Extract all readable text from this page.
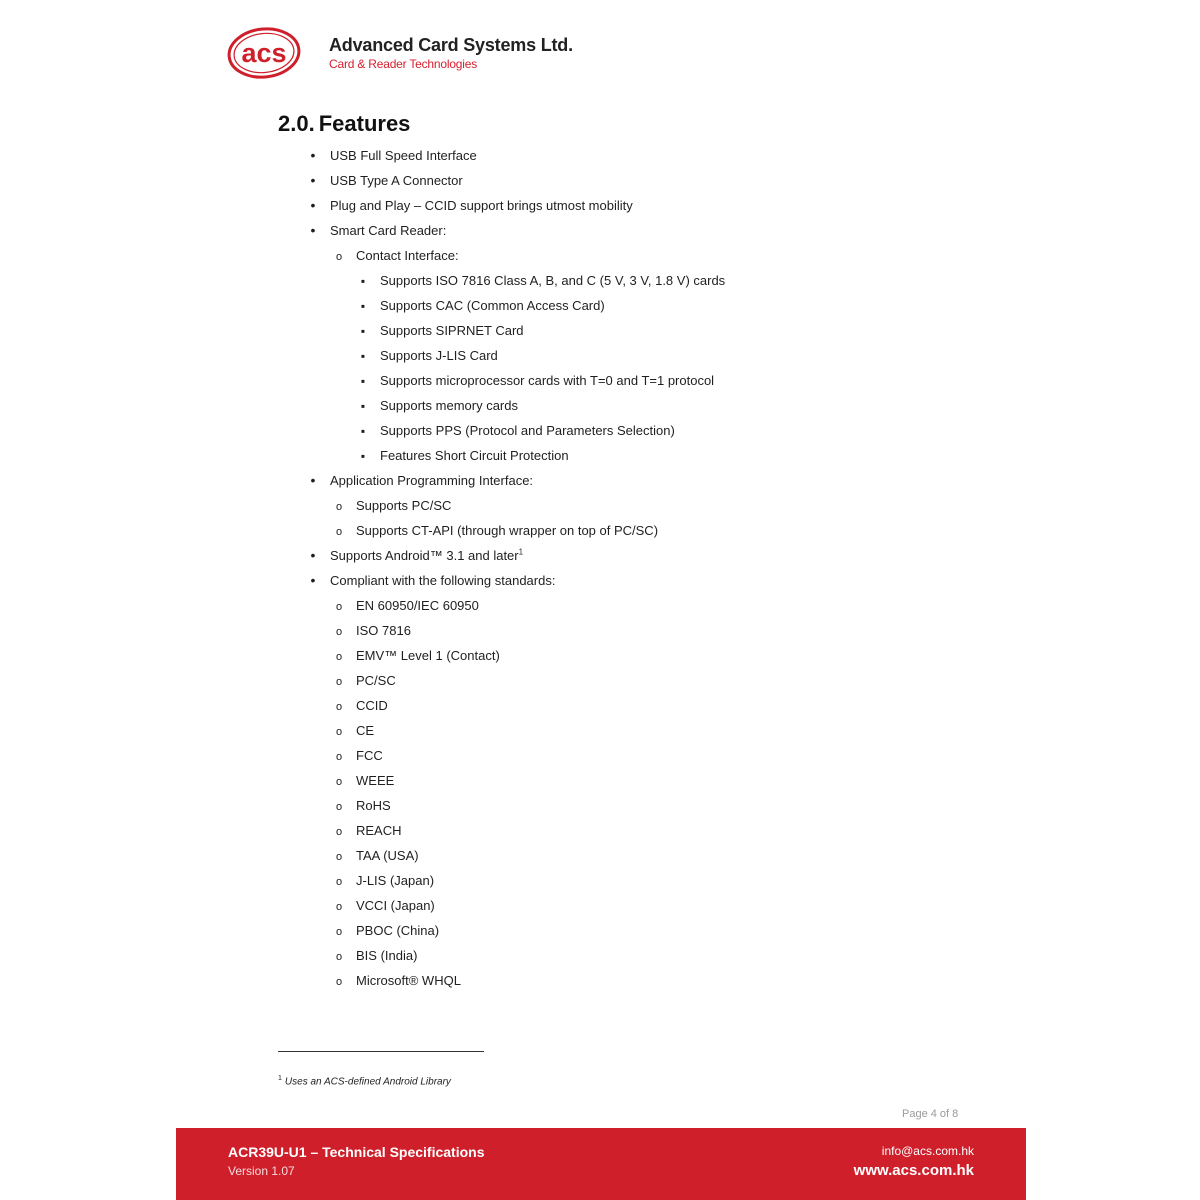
acs Advanced Card Systems Ltd.
Card & Reader Technologies
2.0. Features
•
USB Full Speed Interface
•
USB Type A Connector
•
Plug and Play – CCID support brings utmost mobility
•
Smart Card Reader:
o
Contact Interface:
▪
Supports ISO 7816 Class A, B, and C (5 V, 3 V, 1.8 V) cards
▪
Supports CAC (Common Access Card)
▪
Supports SIPRNET Card
▪
Supports J-LIS Card
▪
Supports microprocessor cards with T=0 and T=1 protocol
▪
Supports memory cards
▪
Supports PPS (Protocol and Parameters Selection)
▪
Features Short Circuit Protection
•
Application Programming Interface:
o
Supports PC/SC
o
Supports CT-API (through wrapper on top of PC/SC)
•
Supports Android™ 3.1 and later$^1$
•
Compliant with the following standards:
o
EN 60950/IEC 60950
o
ISO 7816
o
EMV™ Level 1 (Contact)
o
PC/SC
o
CCID
o
CE
o
FCC
o
WEEE
o
RoHS
o
REACH
o
TAA (USA)
o
J-LIS (Japan)
o
VCCI (Japan)
o
PBOC (China)
o
BIS (India)
o
Microsoft® WHQL
$^1$ Uses an ACS-defined Android Library
Page 4 of 8
ACR39U-U1 – Technical Specifications
Version 1.07
info@acs.com.hk
www.acs.com.hk
